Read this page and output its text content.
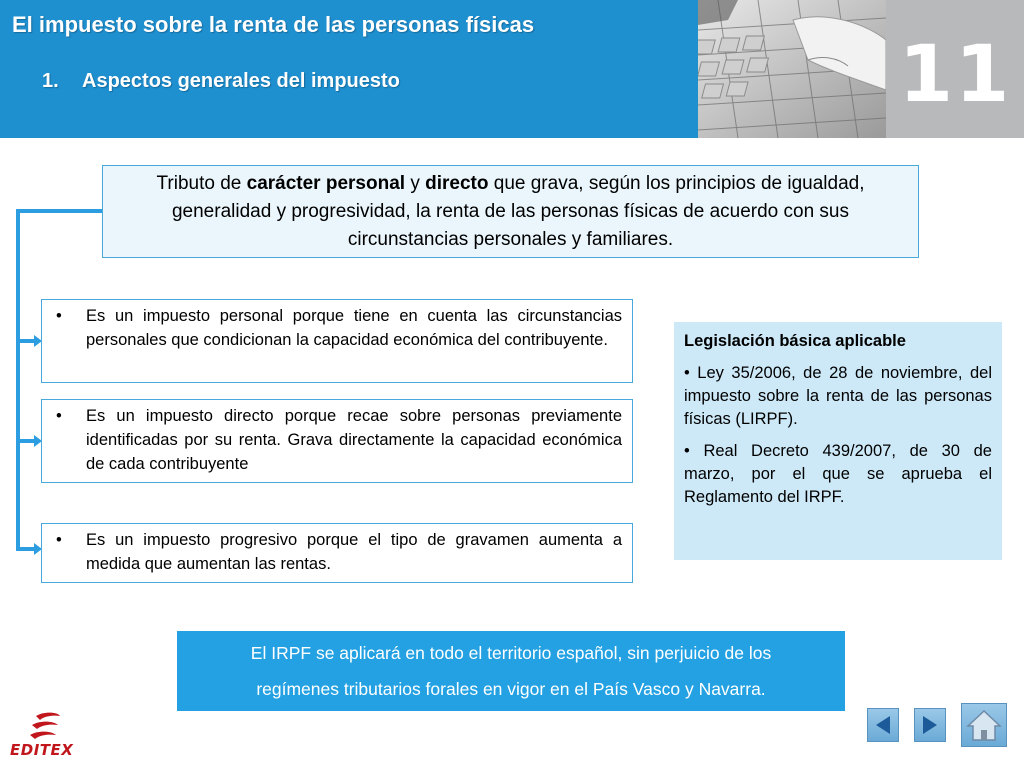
El impuesto sobre la renta de las personas físicas
1. Aspectos generales del impuesto	11
Tributo de carácter personal y directo que grava, según los principios de igualdad, generalidad y progresividad, la renta de las personas físicas de acuerdo con sus circunstancias personales y familiares.
• Es un impuesto personal porque tiene en cuenta las circunstancias personales que condicionan la capacidad económica del contribuyente.
• Es un impuesto directo porque recae sobre personas previamente identificadas por su renta. Grava directamente la capacidad económica de cada contribuyente
• Es un impuesto progresivo porque el tipo de gravamen aumenta a medida que aumentan las rentas.
Legislación básica aplicable

• Ley 35/2006, de 28 de noviembre, del impuesto sobre la renta de las personas físicas (LIRPF).

• Real Decreto 439/2007, de 30 de marzo, por el que se aprueba el Reglamento del IRPF.

El IRPF se aplicará en todo el territorio español, sin perjuicio de los
regímenes tributarios forales en vigor en el País Vasco y Navarra.
EDITEX
